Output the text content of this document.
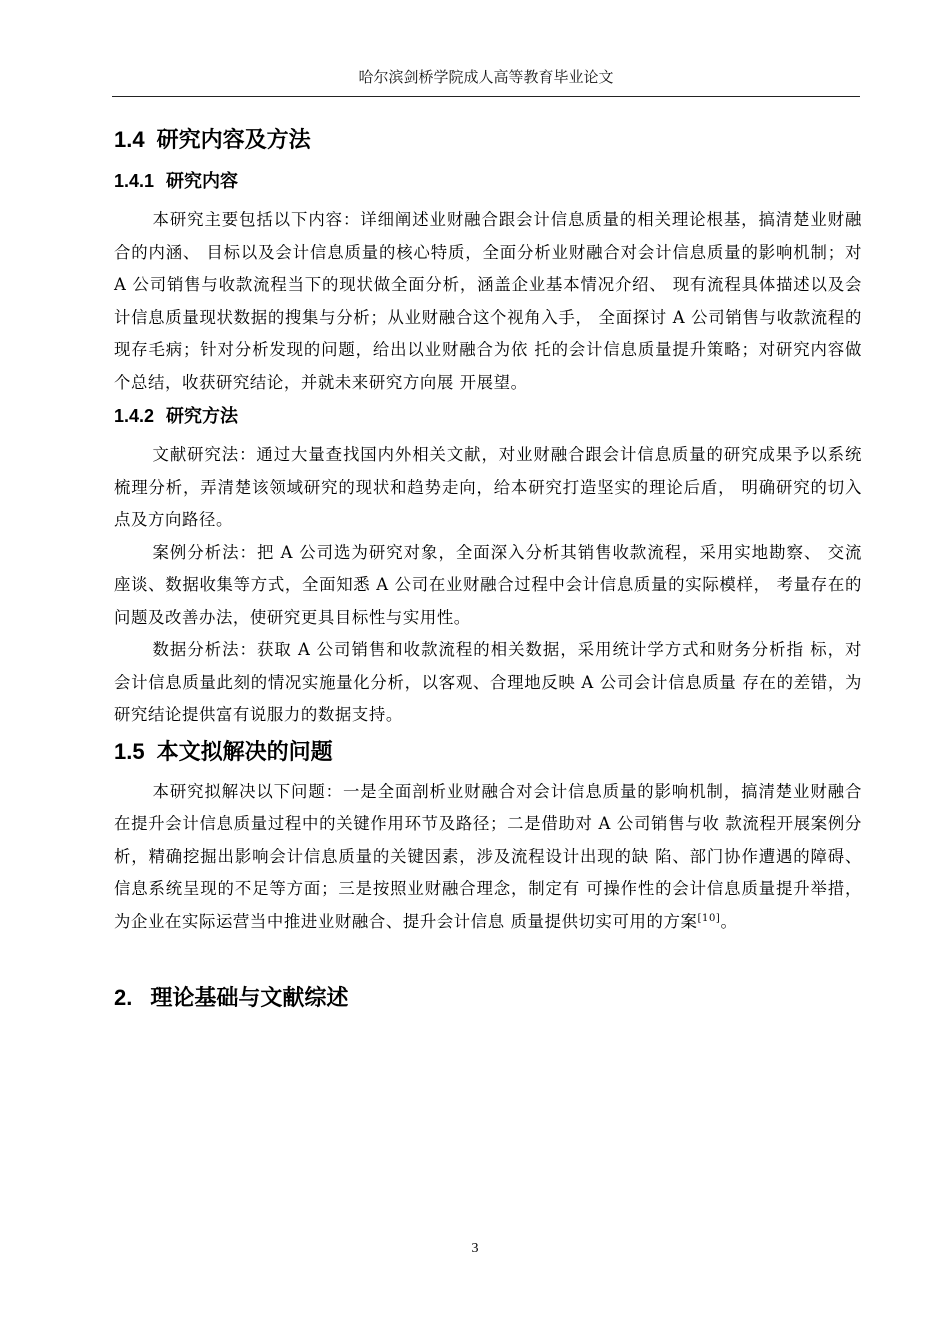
哈尔滨剑桥学院成人高等教育毕业论文
1.4 研究内容及方法
1.4.1 研究内容

本研究主要包括以下内容：详细阐述业财融合跟会计信息质量的相关理论根基，搞清楚业财融合的内涵、 目标以及会计信息质量的核心特质，全面分析业财融合对会计信息质量的影响机制；对 A 公司销售与收款流程当下的现状做全面分析，涵盖企业基本情况介绍、 现有流程具体描述以及会计信息质量现状数据的搜集与分析；从业财融合这个视角入手， 全面探讨 A 公司销售与收款流程的现存毛病；针对分析发现的问题，给出以业财融合为依 托的会计信息质量提升策略；对研究内容做个总结，收获研究结论，并就未来研究方向展 开展望。

1.4.2 研究方法

文献研究法：通过大量查找国内外相关文献，对业财融合跟会计信息质量的研究成果予以系统梳理分析，弄清楚该领域研究的现状和趋势走向，给本研究打造坚实的理论后盾， 明确研究的切入点及方向路径。

案例分析法：把 A 公司选为研究对象，全面深入分析其销售收款流程，采用实地勘察、 交流座谈、数据收集等方式，全面知悉 A 公司在业财融合过程中会计信息质量的实际模样， 考量存在的问题及改善办法，使研究更具目标性与实用性。

数据分析法：获取 A 公司销售和收款流程的相关数据，采用统计学方式和财务分析指 标，对会计信息质量此刻的情况实施量化分析，以客观、合理地反映 A 公司会计信息质量 存在的差错，为研究结论提供富有说服力的数据支持。

1.5 本文拟解决的问题

本研究拟解决以下问题：一是全面剖析业财融合对会计信息质量的影响机制，搞清楚业财融合在提升会计信息质量过程中的关键作用环节及路径；二是借助对 A 公司销售与收 款流程开展案例分析，精确挖掘出影响会计信息质量的关键因素，涉及流程设计出现的缺 陷、部门协作遭遇的障碍、信息系统呈现的不足等方面；三是按照业财融合理念，制定有 可操作性的会计信息质量提升举措，为企业在实际运营当中推进业财融合、提升会计信息 质量提供切实可用的方案[10]。

2. 理论基础与文献综述
3
